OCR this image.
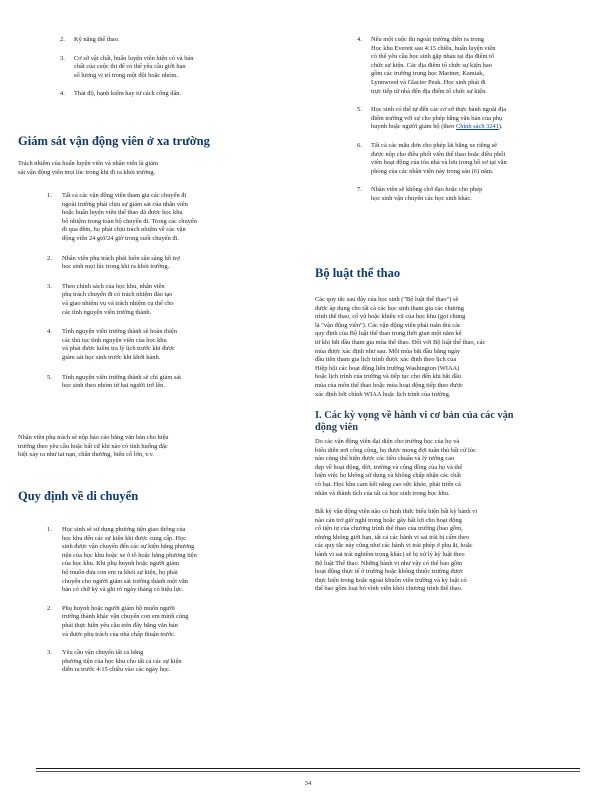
2. Kỹ năng thể thao.
3. Cơ sở vật chất, huấn luyện viên hiện có và bản
chất của cuộc thi để có thể yêu cầu giới hạn
số lượng vị trí trong một đội hoặc nhóm.
4. Thái độ, hạnh kiểm hay tư cách công dân.
Giám sát vận động viên ở xa trường
Trách nhiệm của huấn luyện viên và nhân viên là giám
sát vận động viên mọi lúc trong khi đi ra khỏi trường.
1. Tất cả các vận động viên tham gia các chuyến đi
ngoài trường phải chịu sự giám sát của nhân viên
hoặc huấn luyện viên thể thao đã được học khu
bổ nhiệm trong toàn bộ chuyến đi. Trong các chuyến
đi qua đêm, họ phải chịu trách nhiệm về các vận
động viên 24 giờ/24 giờ trong suốt chuyến đi.
2. Nhân viên phụ trách phải luôn sẵn sàng hỗ trợ
học sinh mọi lúc trong khi ra khỏi trường.
3. Theo chính sách của học khu, nhân viên
phụ trách chuyến đi có trách nhiệm đảo tạo
và giao nhiệm vụ và trách nhiệm cụ thể cho
các tình nguyện viên trường thành.
4. Tình nguyện viên trưởng thành sẽ hoàn thiện
các thủ tục tình nguyện viên của học khu
và phải được kiểm tra lý lịch trước khi được
giám sát học sinh trước khi khởi hành.
5. Tình nguyện viên trưởng thành sẽ chỉ giám sát
học sinh theo nhóm từ hai người trở lên.
Nhân viên phụ trách sẽ nộp báo cáo bằng văn bản cho hiệu
trưởng theo yêu cầu hoặc bất cứ khi nào có tình huống đặc
biệt xảy ra như tai nạn, chấn thương, biến cố lớn, v.v.
Quy định về di chuyển
1. Học sinh sẽ sử dụng phương tiện giao thông của
học khu đến các sự kiện khi được cung cấp. Học
sinh được vận chuyển đến các sự kiện bằng phương
tiện của học khu hoặc xe ô tô hoặc bằng phương tiện
của học khu. Khi phụ huynh hoặc người giám
hộ muốn đưa con em ra khỏi sự kiện, họ phải
chuyển cho người giám sát trường thành một văn
bản có chữ ký và ghi rõ ngày tháng có hiệu lực.
2. Phụ huynh hoặc người giám hộ muốn người
trưởng thành khác vận chuyển con em mình cũng
phải thực hiện yêu cầu trên đây bằng văn bản
và được phụ trách của nhà chấp thuận trước.
3. Yêu cầu vận chuyển tất cả bằng
phương tiện của học khu cho tất cả các sự kiện
diễn ra trước 4:15 chiều vào các ngày học.
4. Nếu một cuộc thi ngoài trường diễn ra trong
Học khu Everett sau 4:15 chiều, huấn luyện viên
có thể yêu cầu học sinh gặp nhau tại địa điểm tổ
chức sự kiện. Các địa điểm tổ chức sự kiện bao
gồm các trường trung học Mariner, Kamiak,
Lynnwood và Glacier Peak. Học sinh phải đi
trực tiếp từ nhà đến địa điểm tổ chức sự kiện.
5. Học sinh có thể tự đến các cơ sở thực hành ngoài địa
điểm trường với sự cho phép bằng văn bản của phụ
huynh hoặc người giám hộ (theo Chính sách 3241).
6. Tất cả các mẫu đơn cho phép lái bằng xe riêng sẽ
được nộp cho điều phối viên thể thao hoặc điều phối
viên hoạt động của tòa nhà và lưu trong hồ sơ tại văn
phòng của các nhân viên này trong sáu (6) năm.
7. Nhân viên sẽ không chở đạo hoặc cho phép
học sinh vận chuyển các học sinh khác.
Bộ luật thể thao
Các quy tắc sau đây của học sinh ("Bộ luật thể thao") sẽ
được áp dụng cho tất cả các học sinh tham gia các chương
trình thể thao, cổ vũ hoặc khiêu vũ của học khu (gọi chung
là "vận động viên"). Các vận động viên phải tuân thủ các
quy định của Bộ luật thể thao trong thời gian một năm kể
từ khi bắt đầu tham gia mùa thể thao. Đối với Bộ luật thể thao, các
mùa được xác định như sau. Mỗi mùa bắt đầu bằng ngày
đầu tiên tham gia lịch trình được xác định theo lịch của
Hiệp hội các hoạt động liên trường Washington (WIAA)
hoặc lịch trình của trường và tiếp tục cho đến khi bắt đầu
mùa của môn thể thao hoặc mùa hoạt động tiếp theo được
xác định bởi chính WIAA hoặc lịch trình của trường.
I. Các kỳ vọng về hành vi cơ bản của các vận
động viên
Do các vận động viên đại diện cho trường học của họ và
biểu diễn nơi công cộng, họ được mong đợi tuân thủ bất cứ lúc
nào cũng thể hiện được các tiêu chuẩn và lý tưởng cao
đẹp về hoạt động, đời, trường và cộng đồng của họ và thể
hiện việc họ không sử dụng và không chấp nhận các chất
có hại. Học khu cam kết năng cao sức khỏe, phát triển cá
nhân và thành tích của tất cả học sinh trong học khu.
Bất kỳ vận động viên nào có hình thức biểu hiện bất kỳ hành vi
nào cản trở giờ nghỉ trong hoặc gây bất lợi cho hoạt động
cố tiện tự của chương trình thể thao của trường (bao gồm,
nhưng không giới hạn, tất cả các hành vi sai trái bị cấm theo
các quy tắc này cũng như các hành vi trái phép ở phụ ắt, hoặc
hành vi sai trái nghiêm trọng khác) sẽ bị xử lý kỷ luật theo
Bộ luật Thể thao. Những hành vi như vậy có thể bao gồm
hoạt động thực tế ở trường hoặc không thuộc trường được
thực hiện trong hoặc ngoài khuôn viên trường và kỷ luật có
thể bao gồm loại bỏ vĩnh viễn khỏi chương trình thể thao.
34
